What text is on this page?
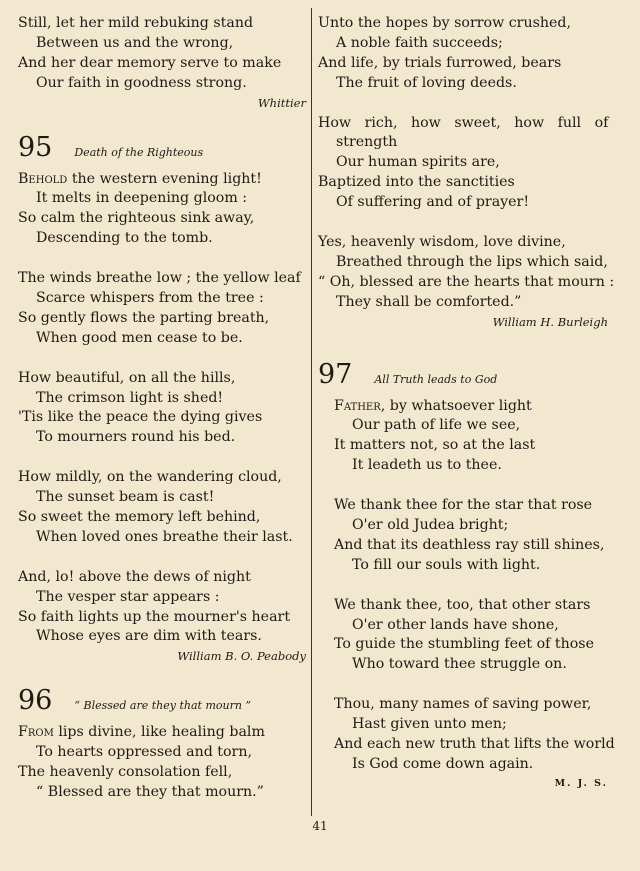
Still, let her mild rebuking stand
Between us and the wrong,
And her dear memory serve to make
Our faith in goodness strong.
Whittier
95 Death of the Righteous
Behold the western evening light!
It melts in deepening gloom :
So calm the righteous sink away,
Descending to the tomb.
The winds breathe low ; the yellow leaf
Scarce whispers from the tree :
So gently flows the parting breath,
When good men cease to be.
How beautiful, on all the hills,
The crimson light is shed!
'Tis like the peace the dying gives
To mourners round his bed.
How mildly, on the wandering cloud,
The sunset beam is cast!
So sweet the memory left behind,
When loved ones breathe their last.
And, lo! above the dews of night
The vesper star appears :
So faith lights up the mourner's heart
Whose eyes are dim with tears.
William B. O. Peabody
96 “ Blessed are they that mourn ”
From lips divine, like healing balm
To hearts oppressed and torn,
The heavenly consolation fell,
“ Blessed are they that mourn.”
Unto the hopes by sorrow crushed,
A noble faith succeeds;
And life, by trials furrowed, bears
The fruit of loving deeds.
How rich, how sweet, how full of
strength
Our human spirits are,
Baptized into the sanctities
Of suffering and of prayer!
Yes, heavenly wisdom, love divine,
Breathed through the lips which said,
“ Oh, blessed are the hearts that mourn :
They shall be comforted.”
William H. Burleigh
97 All Truth leads to God
Father, by whatsoever light
Our path of life we see,
It matters not, so at the last
It leadeth us to thee.
We thank thee for the star that rose
O'er old Judea bright;
And that its deathless ray still shines,
To fill our souls with light.
We thank thee, too, that other stars
O'er other lands have shone,
To guide the stumbling feet of those
Who toward thee struggle on.
Thou, many names of saving power,
Hast given unto men;
And each new truth that lifts the world
Is God come down again.
M. J. S.
41
